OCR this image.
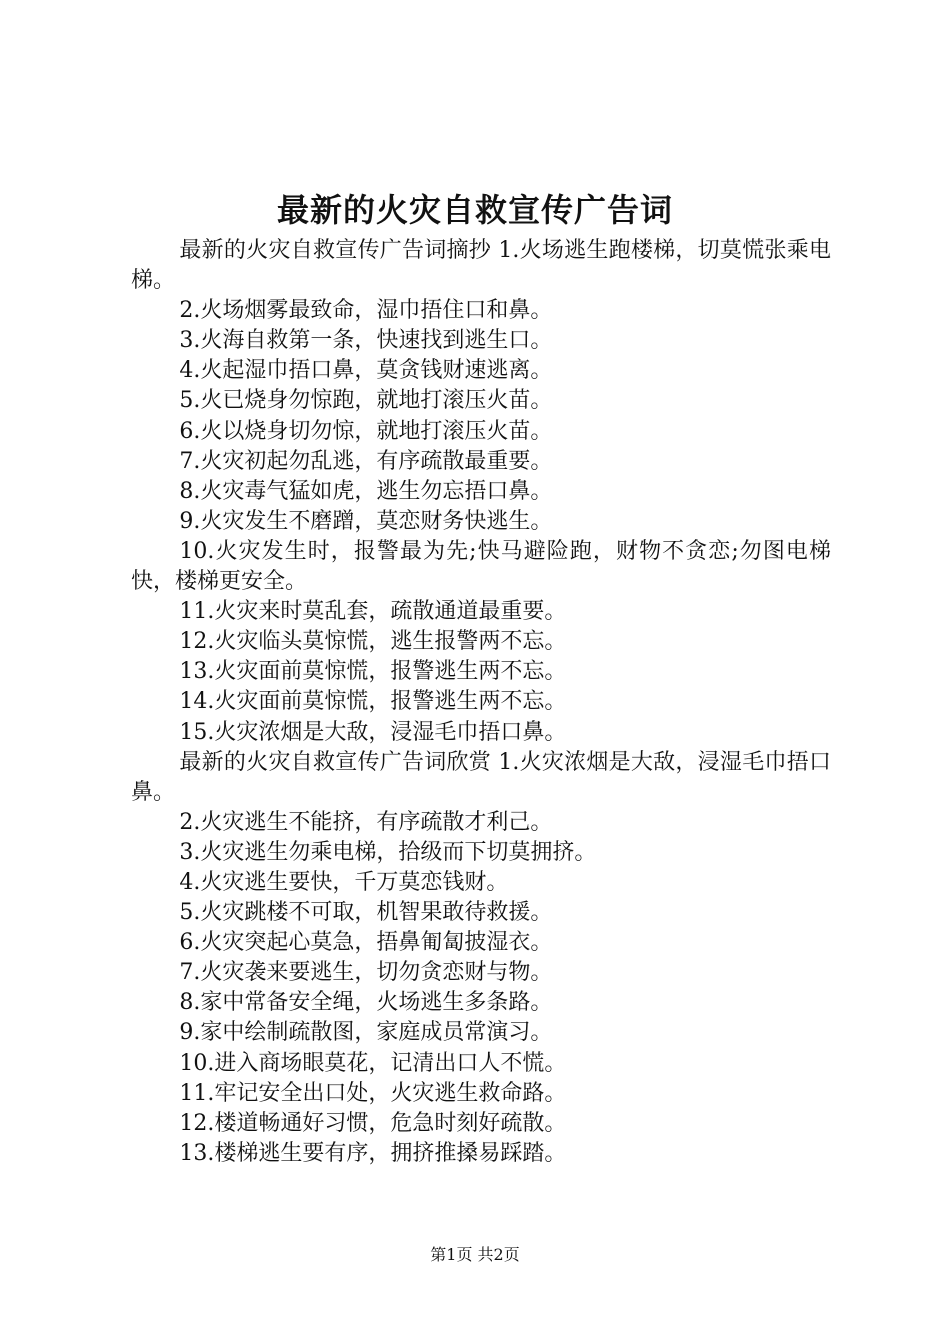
最新的火灾自救宣传广告词

最新的火灾自救宣传广告词摘抄 1.火场逃生跑楼梯，切莫慌张乘电梯。

2.火场烟雾最致命，湿巾捂住口和鼻。

3.火海自救第一条，快速找到逃生口。

4.火起湿巾捂口鼻，莫贪钱财速逃离。

5.火已烧身勿惊跑，就地打滚压火苗。

6.火以烧身切勿惊，就地打滚压火苗。

7.火灾初起勿乱逃，有序疏散最重要。

8.火灾毒气猛如虎，逃生勿忘捂口鼻。

9.火灾发生不磨蹭，莫恋财务快逃生。

10.火灾发生时，报警最为先;快马避险跑，财物不贪恋;勿图电梯快，楼梯更安全。

11.火灾来时莫乱套，疏散通道最重要。

12.火灾临头莫惊慌，逃生报警两不忘。

13.火灾面前莫惊慌，报警逃生两不忘。

14.火灾面前莫惊慌，报警逃生两不忘。

15.火灾浓烟是大敌，浸湿毛巾捂口鼻。

最新的火灾自救宣传广告词欣赏 1.火灾浓烟是大敌，浸湿毛巾捂口鼻。

2.火灾逃生不能挤，有序疏散才利己。

3.火灾逃生勿乘电梯，拾级而下切莫拥挤。

4.火灾逃生要快，千万莫恋钱财。

5.火灾跳楼不可取，机智果敢待救援。

6.火灾突起心莫急，捂鼻匍匐披湿衣。

7.火灾袭来要逃生，切勿贪恋财与物。

8.家中常备安全绳，火场逃生多条路。

9.家中绘制疏散图，家庭成员常演习。

10.进入商场眼莫花，记清出口人不慌。

11.牢记安全出口处，火灾逃生救命路。

12.楼道畅通好习惯，危急时刻好疏散。

13.楼梯逃生要有序，拥挤推搡易踩踏。

第1页 共2页
